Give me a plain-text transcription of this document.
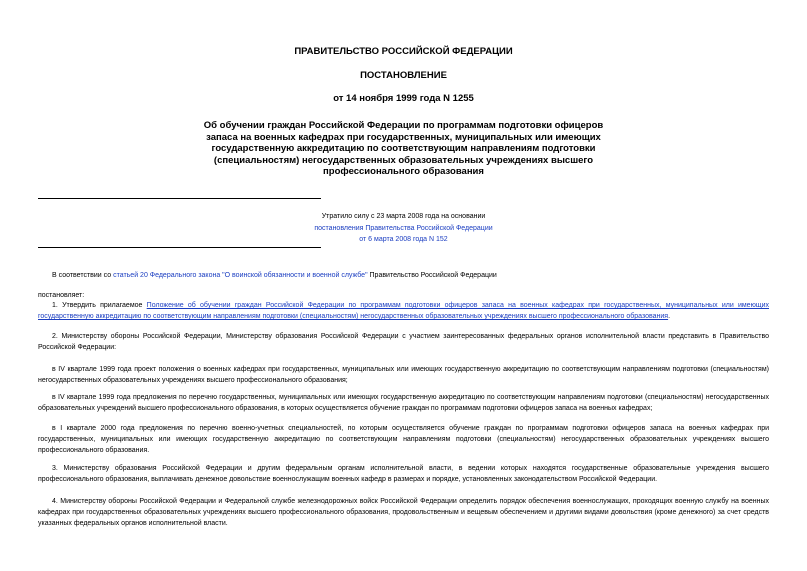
ПРАВИТЕЛЬСТВО РОССИЙСКОЙ ФЕДЕРАЦИИ
ПОСТАНОВЛЕНИЕ
от 14 ноября 1999 года N 1255
Об обучении граждан Российской Федерации по программам подготовки офицеров запаса на военных кафедрах при государственных, муниципальных или имеющих государственную аккредитацию по соответствующим направлениям подготовки (специальностям) негосударственных образовательных учреждениях высшего профессионального образования
Утратило силу с 23 марта 2008 года на основании
постановления Правительства Российской Федерации
от 6 марта 2008 года N 152
В соответствии со статьей 20 Федерального закона "О воинской обязанности и военной службе" Правительство Российской Федерации
постановляет:
1. Утвердить прилагаемое Положение об обучении граждан Российской Федерации по программам подготовки офицеров запаса на военных кафедрах при государственных, муниципальных или имеющих государственную аккредитацию по соответствующим направлениям подготовки (специальностям) негосударственных образовательных учреждениях высшего профессионального образования.
2. Министерству обороны Российской Федерации, Министерству образования Российской Федерации с участием заинтересованных федеральных органов исполнительной власти представить в Правительство Российской Федерации:
в IV квартале 1999 года проект положения о военных кафедрах при государственных, муниципальных или имеющих государственную аккредитацию по соответствующим направлениям подготовки (специальностям) негосударственных образовательных учреждениях высшего профессионального образования;
в IV квартале 1999 года предложения по перечню государственных, муниципальных или имеющих государственную аккредитацию по соответствующим направлениям подготовки (специальностям) негосударственных образовательных учреждений высшего профессионального образования, в которых осуществляется обучение граждан по программам подготовки офицеров запаса на военных кафедрах;
в I квартале 2000 года предложения по перечню военно-учетных специальностей, по которым осуществляется обучение граждан по программам подготовки офицеров запаса на военных кафедрах при государственных, муниципальных или имеющих государственную аккредитацию по соответствующим направлениям подготовки (специальностям) негосударственных образовательных учреждениях высшего профессионального образования.
3. Министерству образования Российской Федерации и другим федеральным органам исполнительной власти, в ведении которых находятся государственные образовательные учреждения высшего профессионального образования, выплачивать денежное довольствие военнослужащим военных кафедр в размерах и порядке, установленных законодательством Российской Федерации.
4. Министерству обороны Российской Федерации и Федеральной службе железнодорожных войск Российской Федерации определить порядок обеспечения военнослужащих, проходящих военную службу на военных кафедрах при государственных образовательных учреждениях высшего профессионального образования, продовольственным и вещевым обеспечением и другими видами довольствия (кроме денежного) за счет средств указанных федеральных органов исполнительной власти.
